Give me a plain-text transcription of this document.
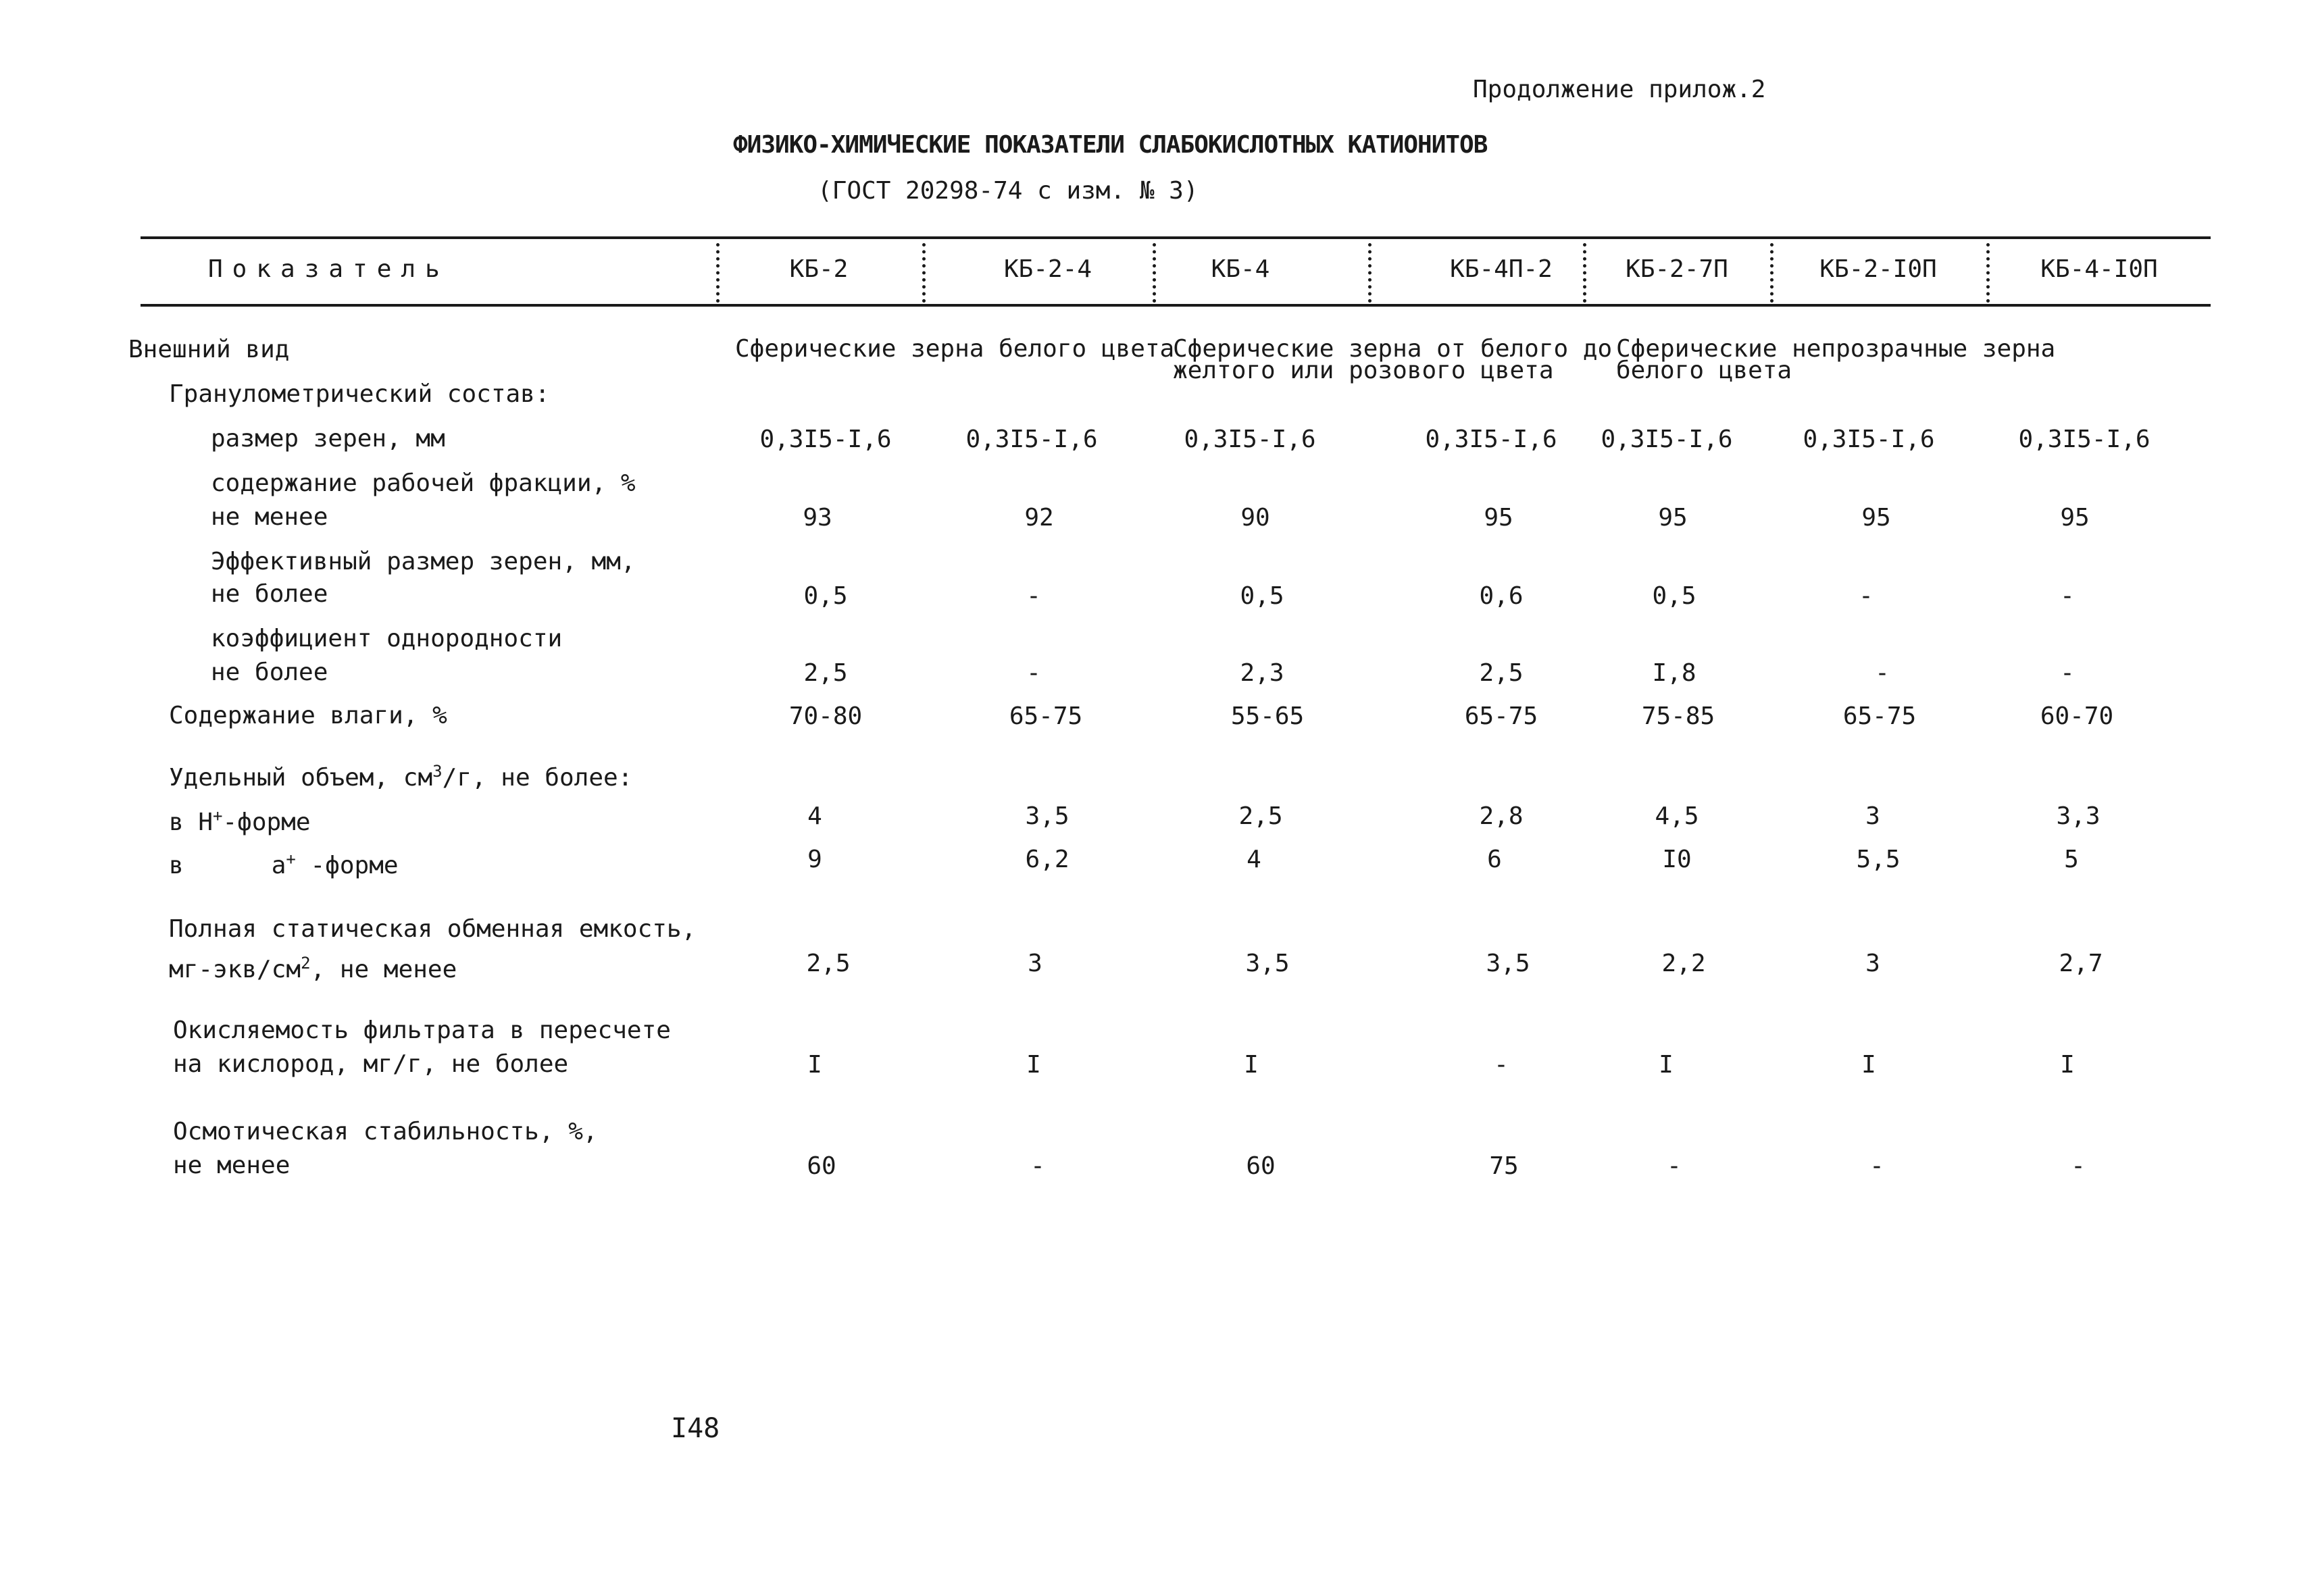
Продолжение прилож.2
ФИЗИКО-ХИМИЧЕСКИЕ ПОКАЗАТЕЛИ СЛАБОКИСЛОТНЫХ КАТИОНИТОВ
(ГОСТ 20298-74 с изм. № 3)
Показатель	КБ-2	КБ-2-4	КБ-4	КБ-4П-2	КБ-2-7П	КБ-2-I0П	КБ-4-I0П
Внешний вид	Сферические зерна белого цвета
Сферические зерна от белого до
желтого или розового цвета
Сферические непрозрачные зерна
белого цвета
Гранулометрический состав:
размер зерен, мм	0,3I5-I,6	0,3I5-I,6	0,3I5-I,6	0,3I5-I,6 0,3I5-I,6	0,3I5-I,6	0,3I5-I,6
содержание рабочей фракции, %
не менее	93	92	90	95	95	95	95
Эффективный размер зерен, мм,
не более	0,5	-	0,5	0,6	0,5	-	-
коэффициент однородности
не более	2,5	-	2,3	2,5	I,8	-	-
Содержание влаги, %	70-80	65-75	55-65	65-75	75-85	65-75	60-70
Удельный объем, $см^3/г$, не более:
в Н+-форме	4	3,5	2,5	2,8	4,5	3	3,3
в      а+ -форме	9	6,2	4	6	I0	5,5	5
Полная статическая обменная емкость,
$мг-экв/см^2$, не менее	2,5	3	3,5	3,5	2,2	3	2,7
Окисляемость фильтрата в пересчете
на кислород, мг/г, не более	I	I	I	-	I	I	I
Осмотическая стабильность, %,
не менее	60	-	60	75	-	-	-
I48
